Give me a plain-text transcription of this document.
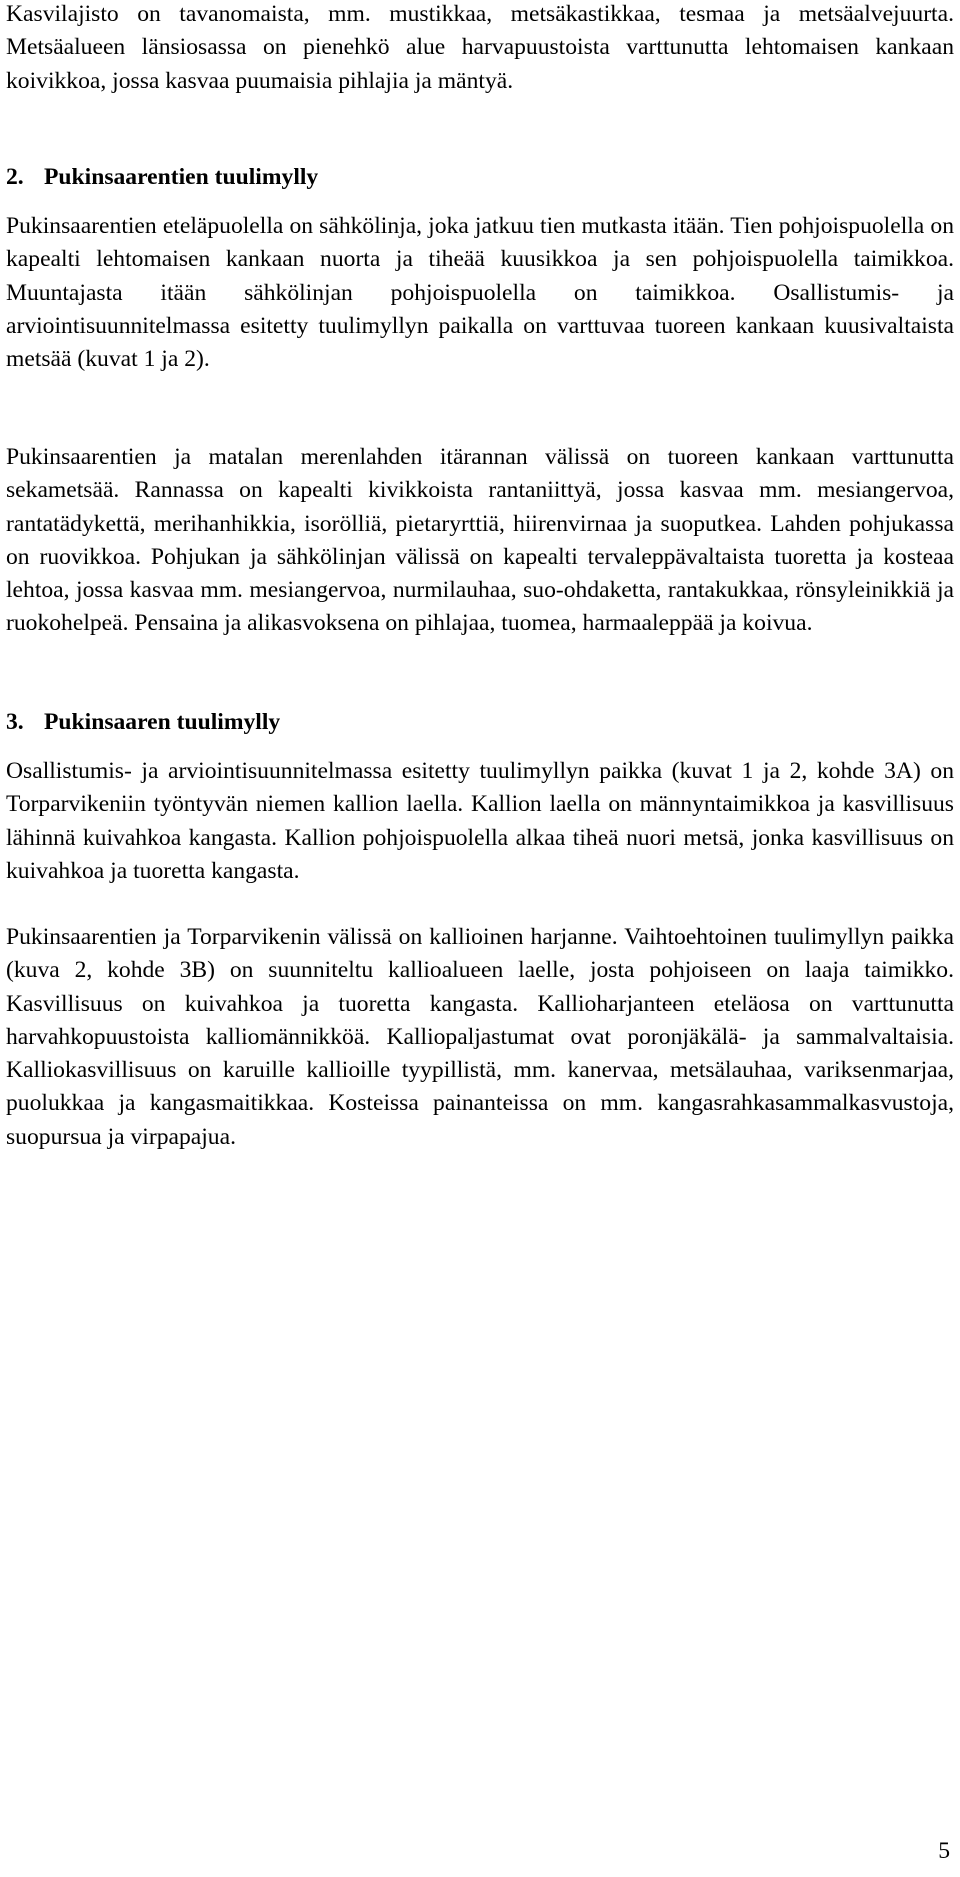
Kasvilajisto on tavanomaista, mm. mustikkaa, metsäkastikkaa, tesmaa ja metsäalvejuurta. Metsäalueen länsiosassa on pienehkö alue harvapuustoista varttunutta lehtomaisen kankaan koivikkoa, jossa kasvaa puumaisia pihlajia ja mäntyä.

2. Pukinsaarentien tuulimylly

Pukinsaarentien eteläpuolella on sähkölinja, joka jatkuu tien mutkasta itään. Tien pohjoispuolella on kapealti lehtomaisen kankaan nuorta ja tiheää kuusikkoa ja sen pohjoispuolella taimikkoa. Muuntajasta itään sähkölinjan pohjoispuolella on taimikkoa. Osallistumis- ja arviointisuunnitelmassa esitetty tuulimyllyn paikalla on varttuvaa tuoreen kankaan kuusivaltaista metsää (kuvat 1 ja 2).

Pukinsaarentien ja matalan merenlahden itärannan välissä on tuoreen kankaan varttunutta sekametsää. Rannassa on kapealti kivikkoista rantaniittyä, jossa kasvaa mm. mesiangervoa, rantatädykettä, merihanhikkia, isorölliä, pietaryrttiä, hiirenvirnaa ja suoputkea. Lahden pohjukassa on ruovikkoa. Pohjukan ja sähkölinjan välissä on kapealti tervaleppävaltaista tuoretta ja kosteaa lehtoa, jossa kasvaa mm. mesiangervoa, nurmilauhaa, suo-ohdaketta, rantakukkaa, rönsyleinikkiä ja ruokohelpeä. Pensaina ja alikasvoksena on pihlajaa, tuomea, harmaaleppää ja koivua.

3. Pukinsaaren tuulimylly

Osallistumis- ja arviointisuunnitelmassa esitetty tuulimyllyn paikka (kuvat 1 ja 2, kohde 3A) on Torparvikeniin työntyvän niemen kallion laella. Kallion laella on männyntaimikkoa ja kasvillisuus lähinnä kuivahkoa kangasta. Kallion pohjoispuolella alkaa tiheä nuori metsä, jonka kasvillisuus on kuivahkoa ja tuoretta kangasta.

Pukinsaarentien ja Torparvikenin välissä on kallioinen harjanne. Vaihtoehtoinen tuulimyllyn paikka (kuva 2, kohde 3B) on suunniteltu kallioalueen laelle, josta pohjoiseen on laaja taimikko. Kasvillisuus on kuivahkoa ja tuoretta kangasta. Kallioharjanteen eteläosa on varttunutta harvahkopuustoista kalliomännikköä. Kalliopaljastumat ovat poronjäkälä- ja sammalvaltaisia. Kalliokasvillisuus on karuille kallioille tyypillistä, mm. kanervaa, metsälauhaa, variksenmarjaa, puolukkaa ja kangasmaitikkaa. Kosteissa painanteissa on mm. kangasrahkasammalkasvustoja, suopursua ja virpapajua.

5
